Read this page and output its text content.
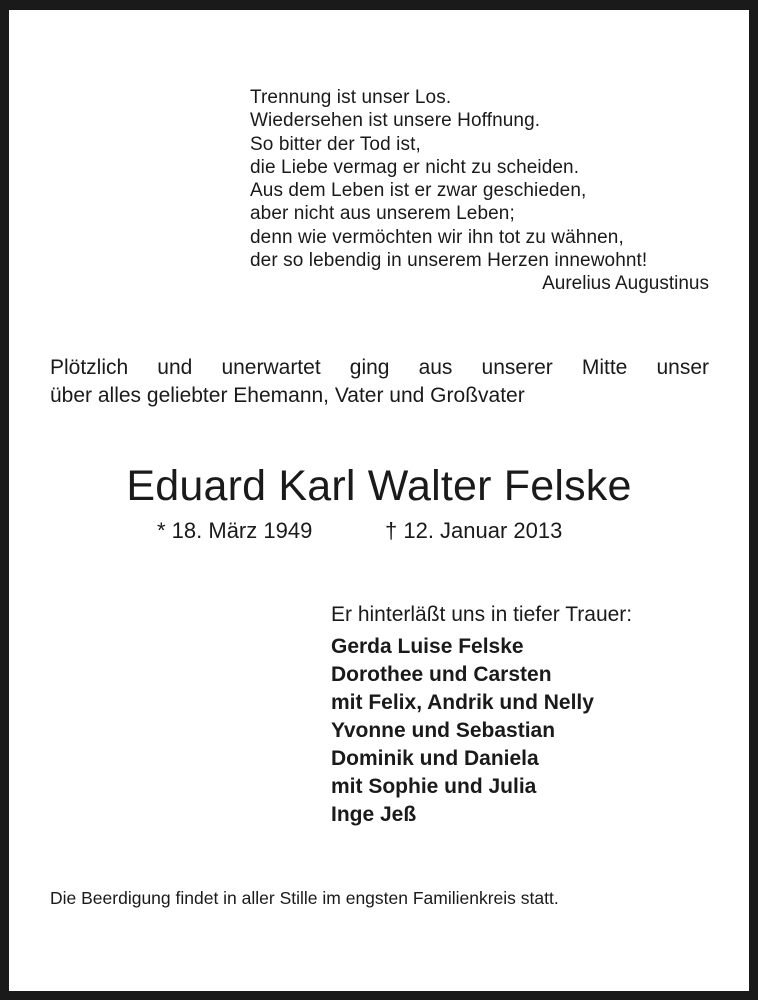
Trennung ist unser Los.
Wiedersehen ist unsere Hoffnung.
So bitter der Tod ist,
die Liebe vermag er nicht zu scheiden.
Aus dem Leben ist er zwar geschieden,
aber nicht aus unserem Leben;
denn wie vermöchten wir ihn tot zu wähnen,
der so lebendig in unserem Herzen innewohnt!
Aurelius Augustinus
Plötzlich und unerwartet ging aus unserer Mitte unser
über alles geliebter Ehemann, Vater und Großvater
Eduard Karl Walter Felske
* 18. März 1949	† 12. Januar 2013
Er hinterläßt uns in tiefer Trauer:
Gerda Luise Felske
Dorothee und Carsten
mit Felix, Andrik und Nelly
Yvonne und Sebastian
Dominik und Daniela
mit Sophie und Julia
Inge Jeß
Die Beerdigung findet in aller Stille im engsten Familienkreis statt.
